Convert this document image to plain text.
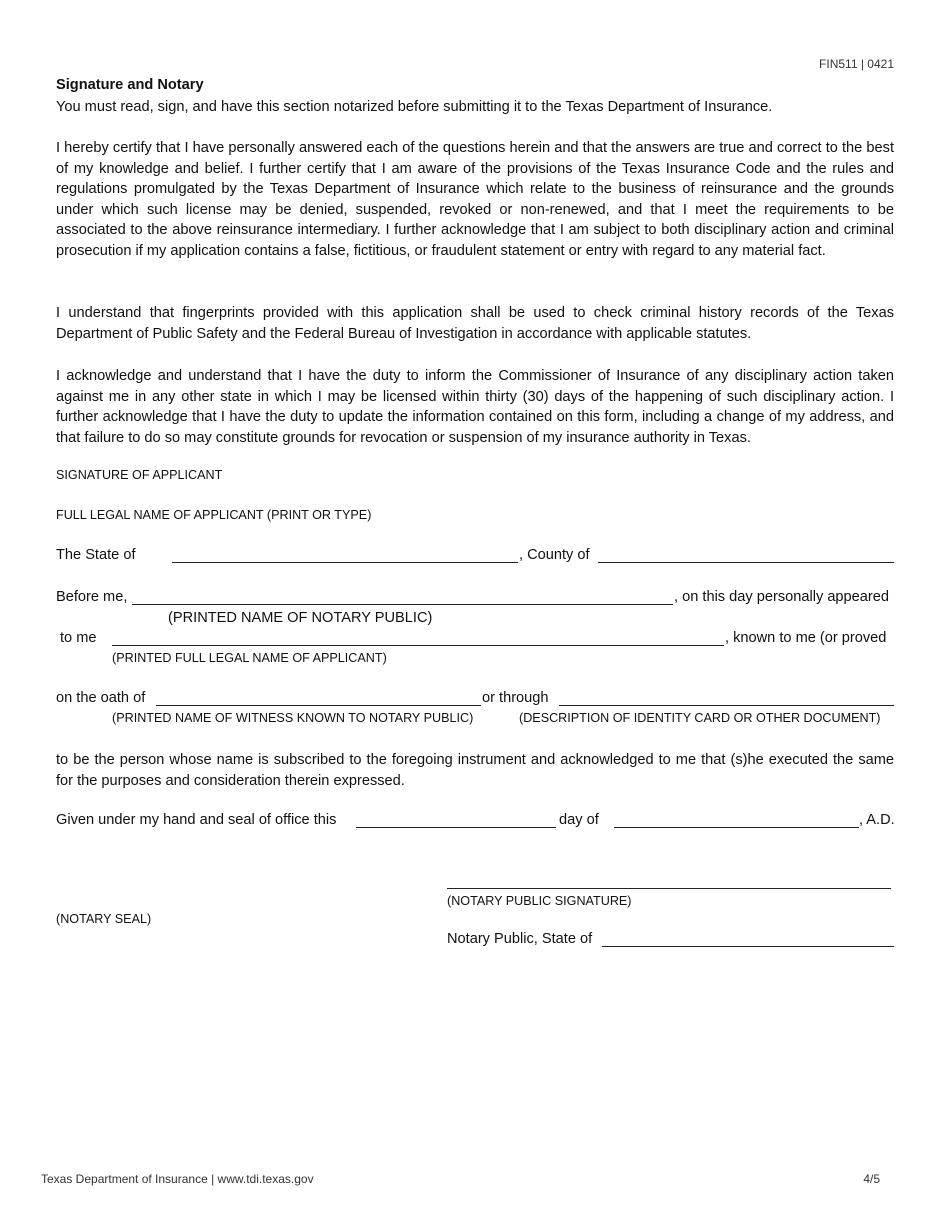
FIN511 | 0421
Signature and Notary
You must read, sign, and have this section notarized before submitting it to the Texas Department of Insurance.
I hereby certify that I have personally answered each of the questions herein and that the answers are true and correct to the best of my knowledge and belief. I further certify that I am aware of the provisions of the Texas Insurance Code and the rules and regulations promulgated by the Texas Department of Insurance which relate to the business of reinsurance and the grounds under which such license may be denied, suspended, revoked or non-renewed, and that I meet the requirements to be associated to the above reinsurance intermediary. I further acknowledge that I am subject to both disciplinary action and criminal prosecution if my application contains a false, fictitious, or fraudulent statement or entry with regard to any material fact.
I understand that fingerprints provided with this application shall be used to check criminal history records of the Texas Department of Public Safety and the Federal Bureau of Investigation in accordance with applicable statutes.
I acknowledge and understand that I have the duty to inform the Commissioner of Insurance of any disciplinary action taken against me in any other state in which I may be licensed within thirty (30) days of the happening of such disciplinary action. I further acknowledge that I have the duty to update the information contained on this form, including a change of my address, and that failure to do so may constitute grounds for revocation or suspension of my insurance authority in Texas.
SIGNATURE OF APPLICANT
FULL LEGAL NAME OF APPLICANT (PRINT OR TYPE)
The State of	, County of
Before me,	, on this day personally appeared
(PRINTED NAME OF NOTARY PUBLIC)
to me	, known to me (or proved
(PRINTED FULL LEGAL NAME OF APPLICANT)
on the oath of	or through
(PRINTED NAME OF WITNESS KNOWN TO NOTARY PUBLIC)	(DESCRIPTION OF IDENTITY CARD OR OTHER DOCUMENT)
to be the person whose name is subscribed to the foregoing instrument and acknowledged to me that (s)he executed the same for the purposes and consideration therein expressed.
Given under my hand and seal of office this	day of	, A.D.
(NOTARY PUBLIC SIGNATURE)
(NOTARY SEAL)
Notary Public, State of
Texas Department of Insurance | www.tdi.texas.gov	4/5
